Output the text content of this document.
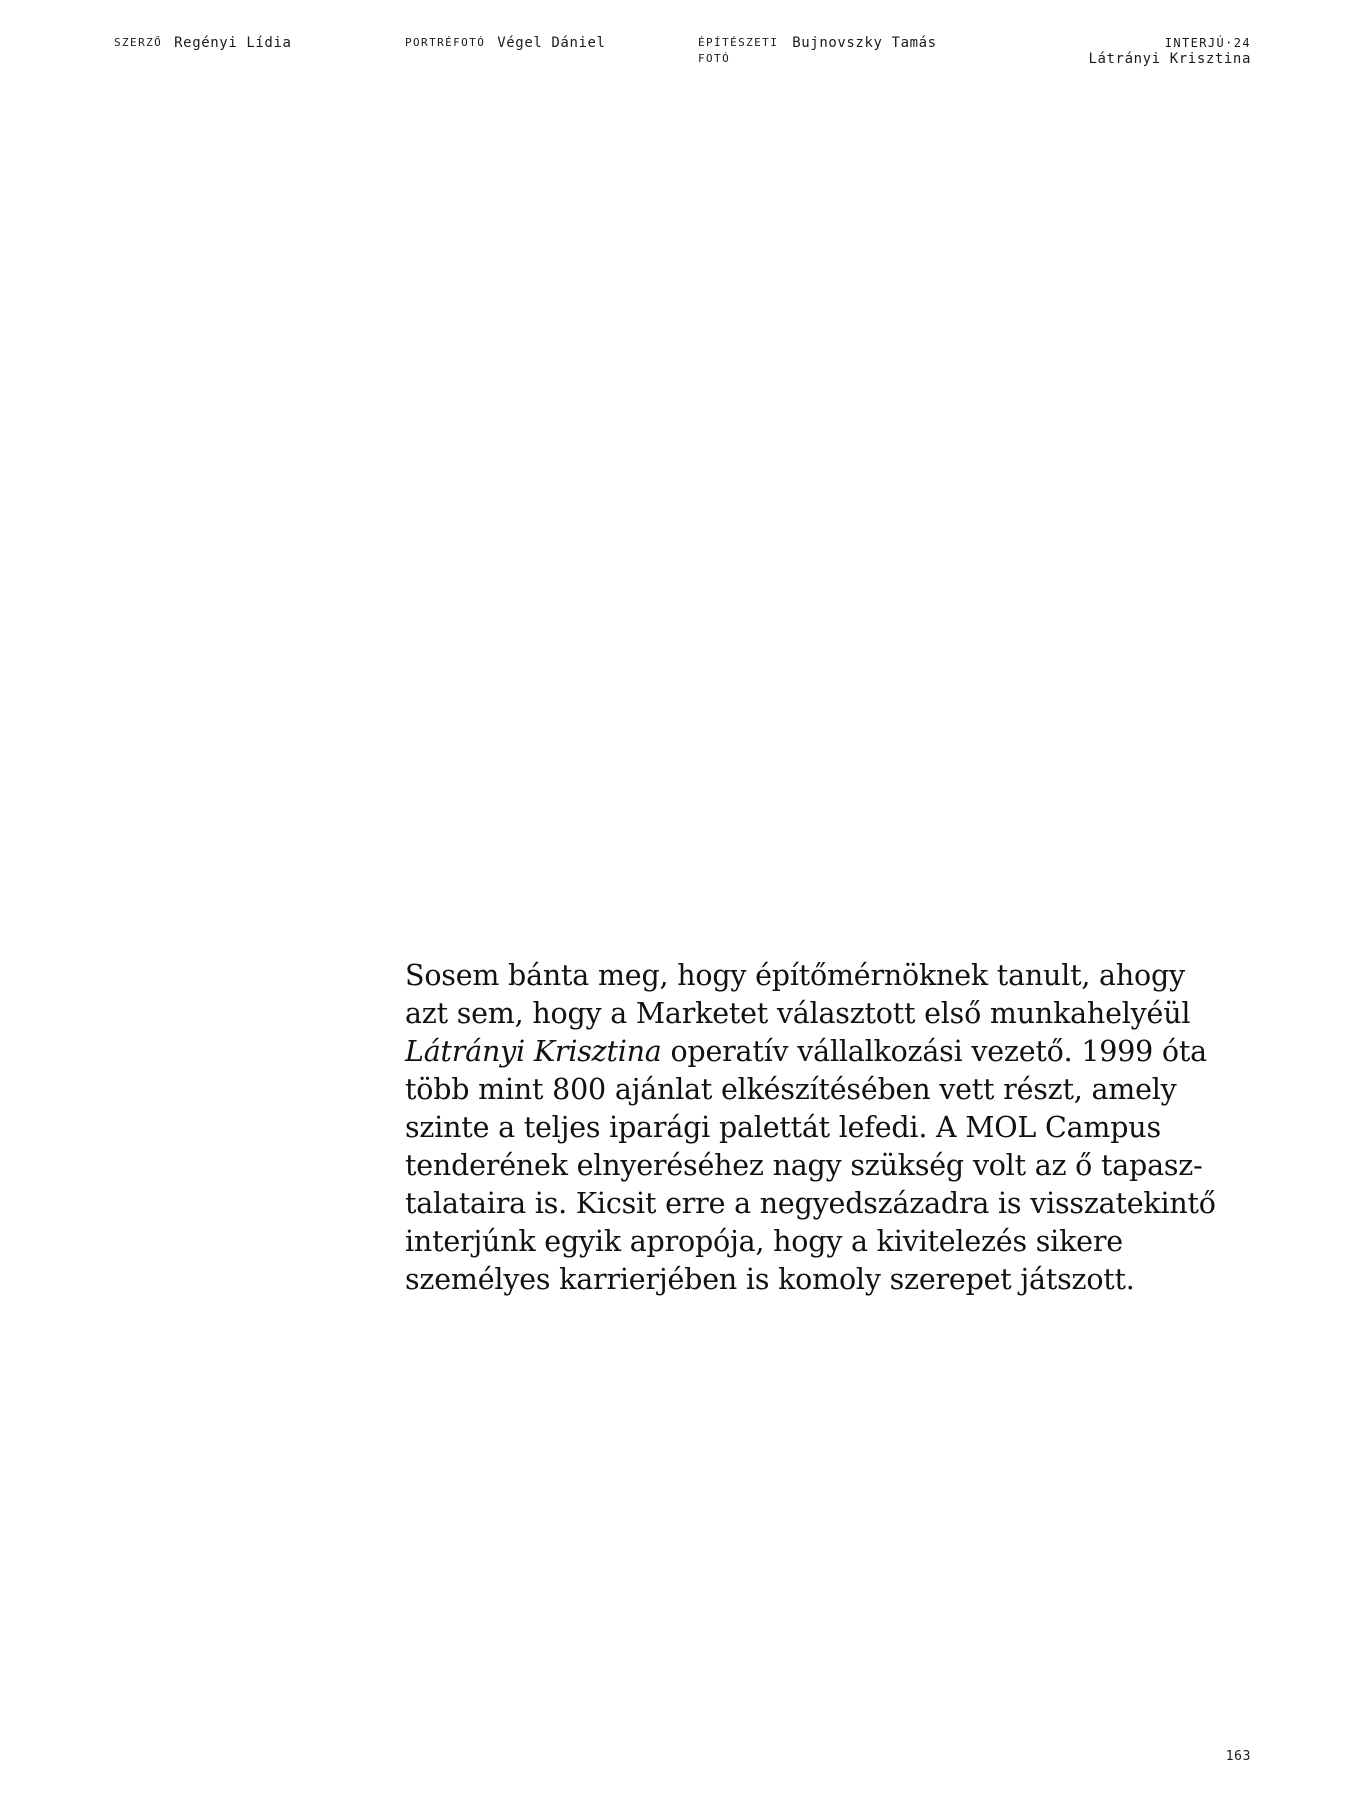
SZERZŐ Regényi Lídia	PORTRÉFOTÓ Végel Dániel	ÉPÍTÉSZETI
FOTÓ
Bujnovszky Tamás	INTERJÚ·24
Látrányi Krisztina
Sosem bánta meg, hogy építőmérnöknek tanult, ahogy
azt sem, hogy a Marketet választott első munkahelyéül
Látrányi Krisztina operatív vállalkozási vezető. 1999 óta
több mint 800 ajánlat elkészítésében vett részt, amely
szinte a teljes iparági palettát lefedi. A MOL Campus
tenderének elnyeréséhez nagy szükség volt az ő tapasz-
talataira is. Kicsit erre a negyedszázadra is visszatekintő
interjúnk egyik apropója, hogy a kivitelezés sikere
személyes karrierjében is komoly szerepet játszott.
163
